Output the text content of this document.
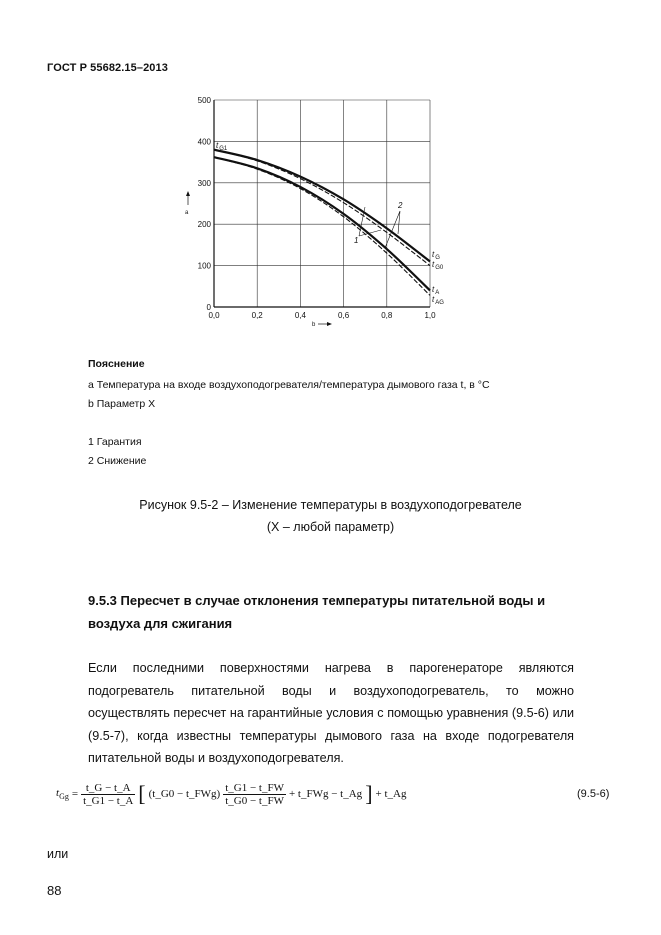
ГОСТ Р 55682.15–2013
a
b
0,0	0,2	0,4	0,6	0,8	1,0
0
100
200
300
400
500
$t_{G1}$
$t_G$
$t_{G0}$
$t_A$
$t_{AG}$
1
2
Пояснение
a Температура на входе воздухоподогревателя/температура дымового газа t, в °C
b Параметр X
1 Гарантия
2 Снижение
Рисунок 9.5-2 – Изменение температуры в воздухоподогревателе
(X – любой параметр)
9.5.3 Пересчет в случае отклонения температуры питательной воды и воздуха для сжигания
Если последними поверхностями нагрева в парогенераторе являются подогреватель питательной воды и воздухоподогреватель, то можно осуществлять пересчет на гарантийные условия с помощью уравнения (9.5-6) или (9.5-7), когда известны температуры дымового газа на входе подогревателя питательной воды и воздухоподогревателя.
$t_{Gg} = \frac{t\_G - t\_A}{t\_G1 - t\_A}$ [ (t_G0 − t_FWg) $\frac{t\_G1 - t\_FW}{t\_G0 - t\_FW}$ + t_FWg − t_Ag ] + t_Ag	(9.5-6)
или
88
